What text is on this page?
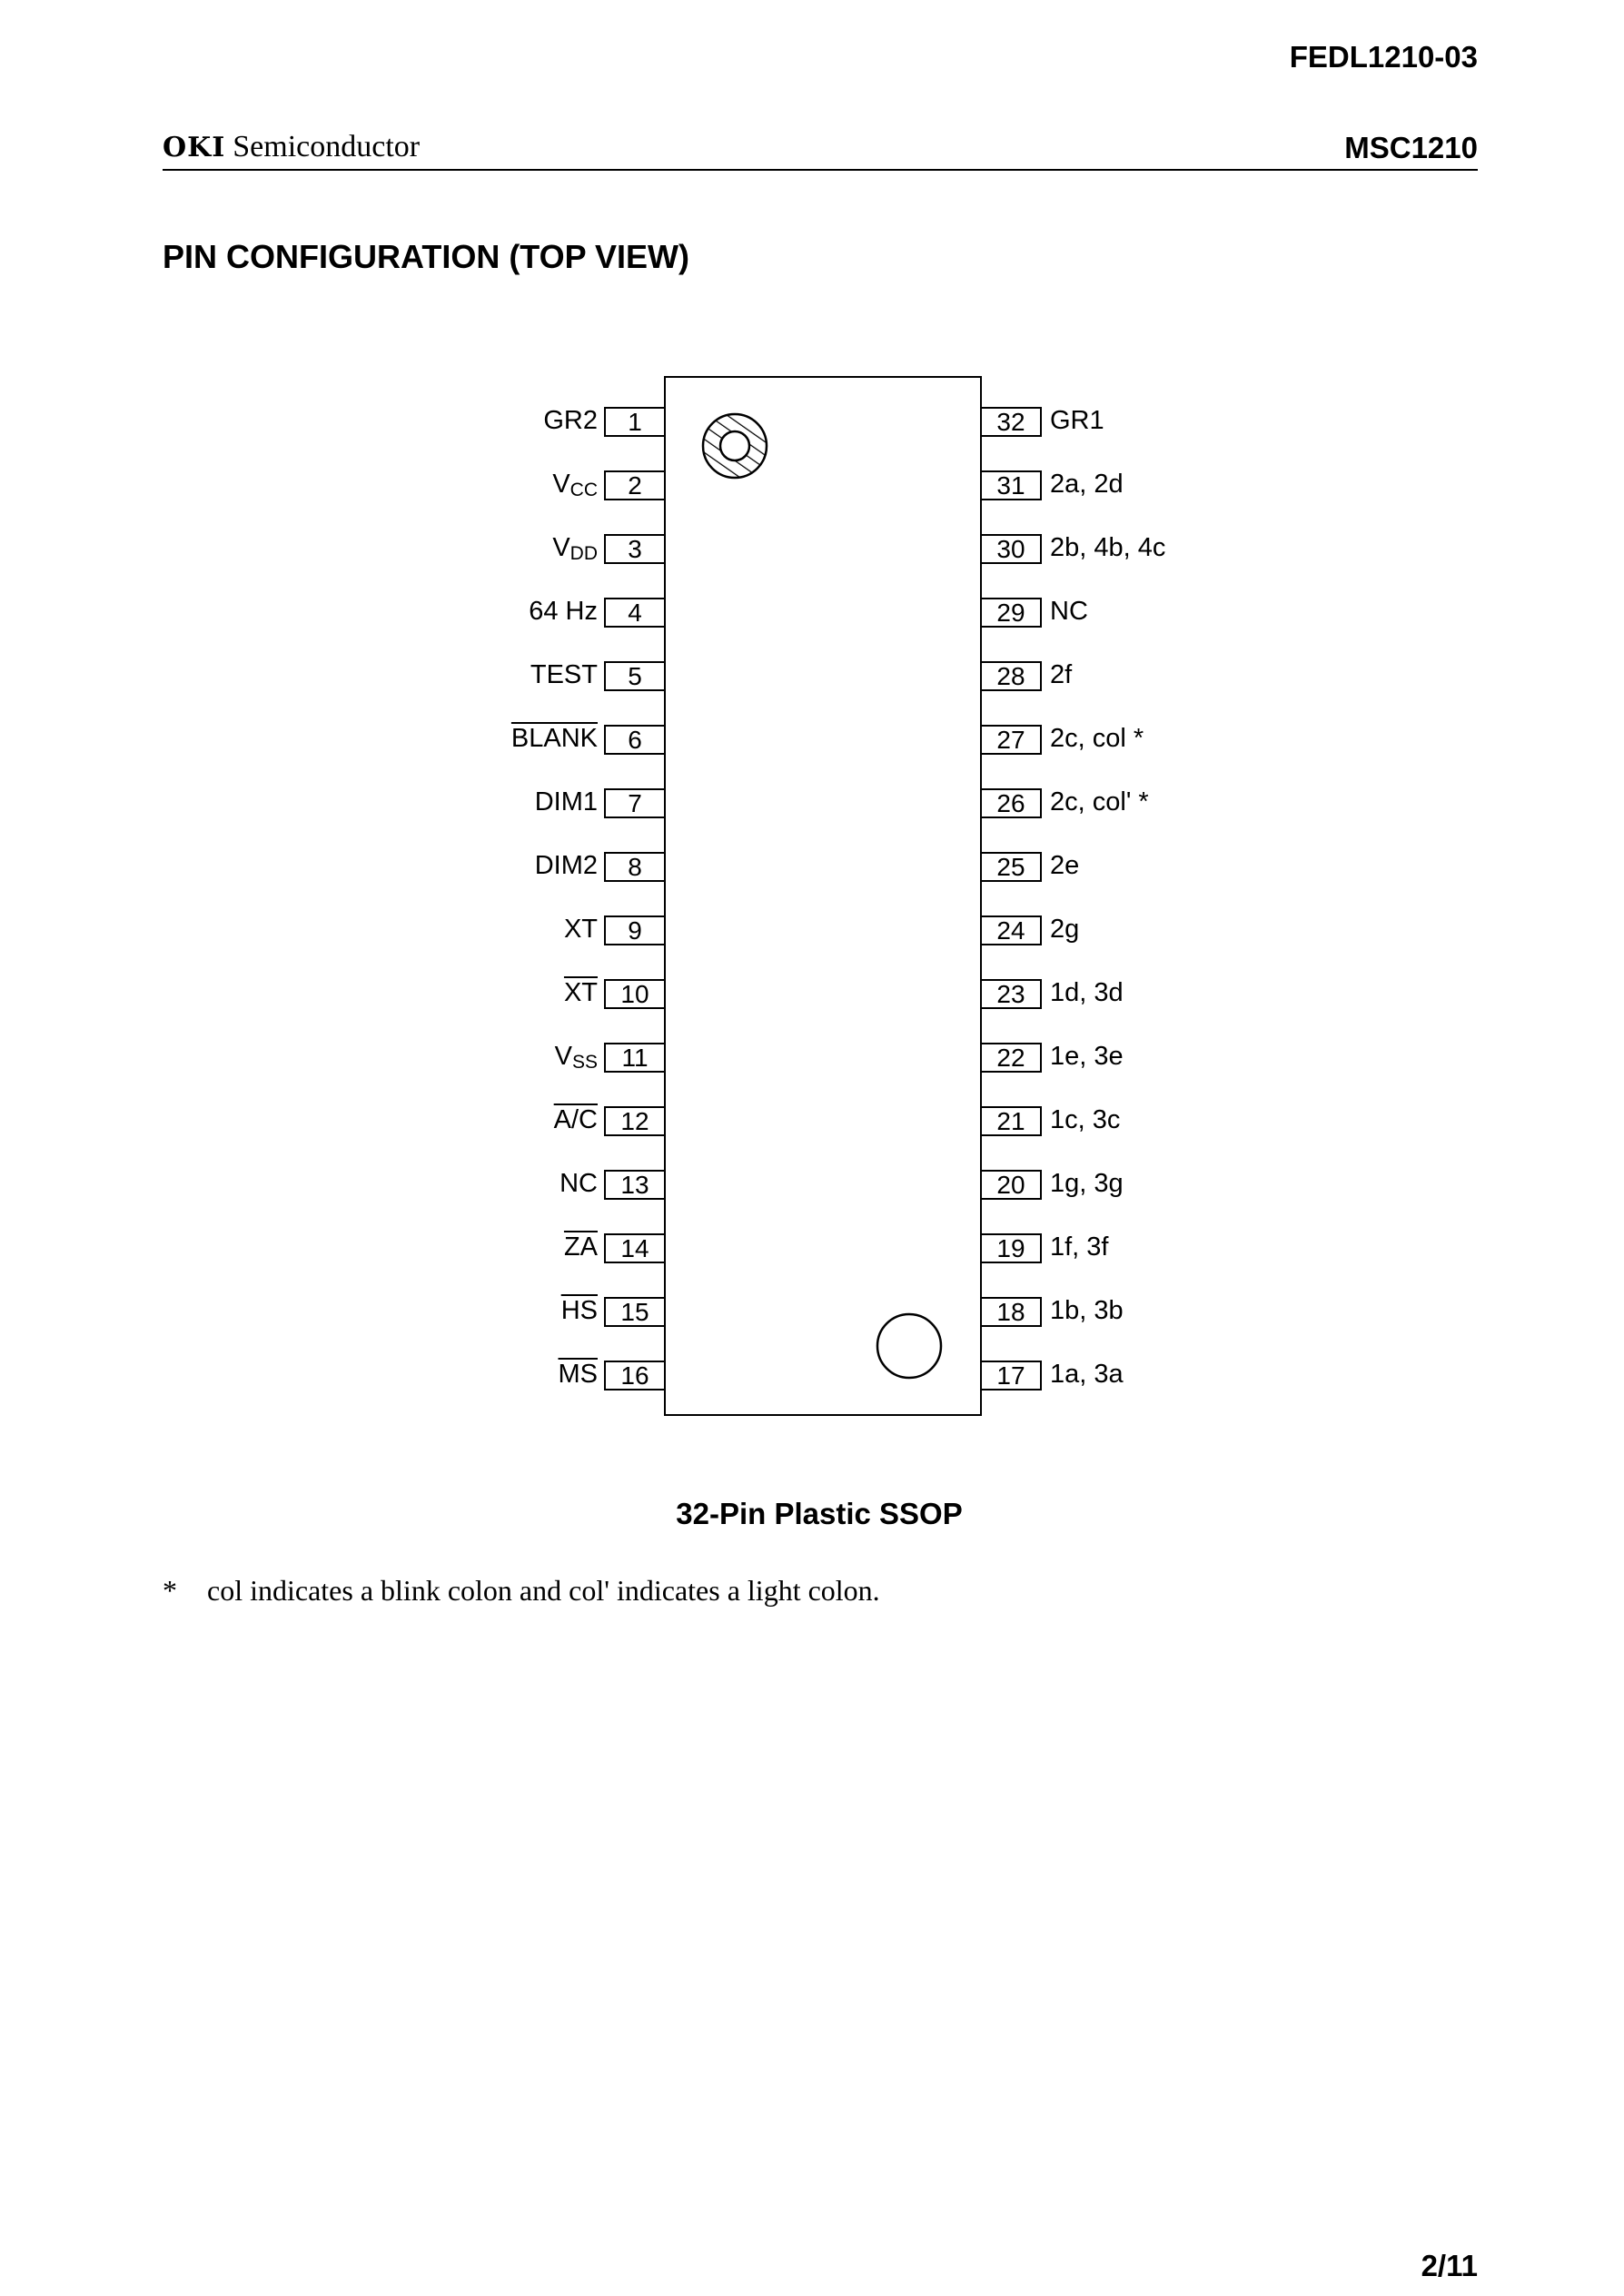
FEDL1210-03
OKI Semiconductor	MSC1210
PIN CONFIGURATION (TOP VIEW)
1
GR2
2
$V_{CC}$
3
$V_{DD}$
4
64 Hz
5
TEST
6
BLANK
7
DIM1
8
DIM2
9
XT
10
$\overline{XT}$
11
$V_{SS}$
12
A/C
13
NC
14
$\overline{ZA}$
15
$\overline{HS}$
16
$\overline{MS}$
32 GR1
31 2a, 2d
30 2b, 4b, 4c
29 NC
28 2f
27 2c, col *
26 2c, col' *
25 2e
24 2g
23 1d, 3d
22 1e, 3e
21 1c, 3c
20 1g, 3g
19 1f, 3f
18 1b, 3b
17 1a, 3a
32-Pin Plastic SSOP
* col indicates a blink colon and col' indicates a light colon.
2/11
